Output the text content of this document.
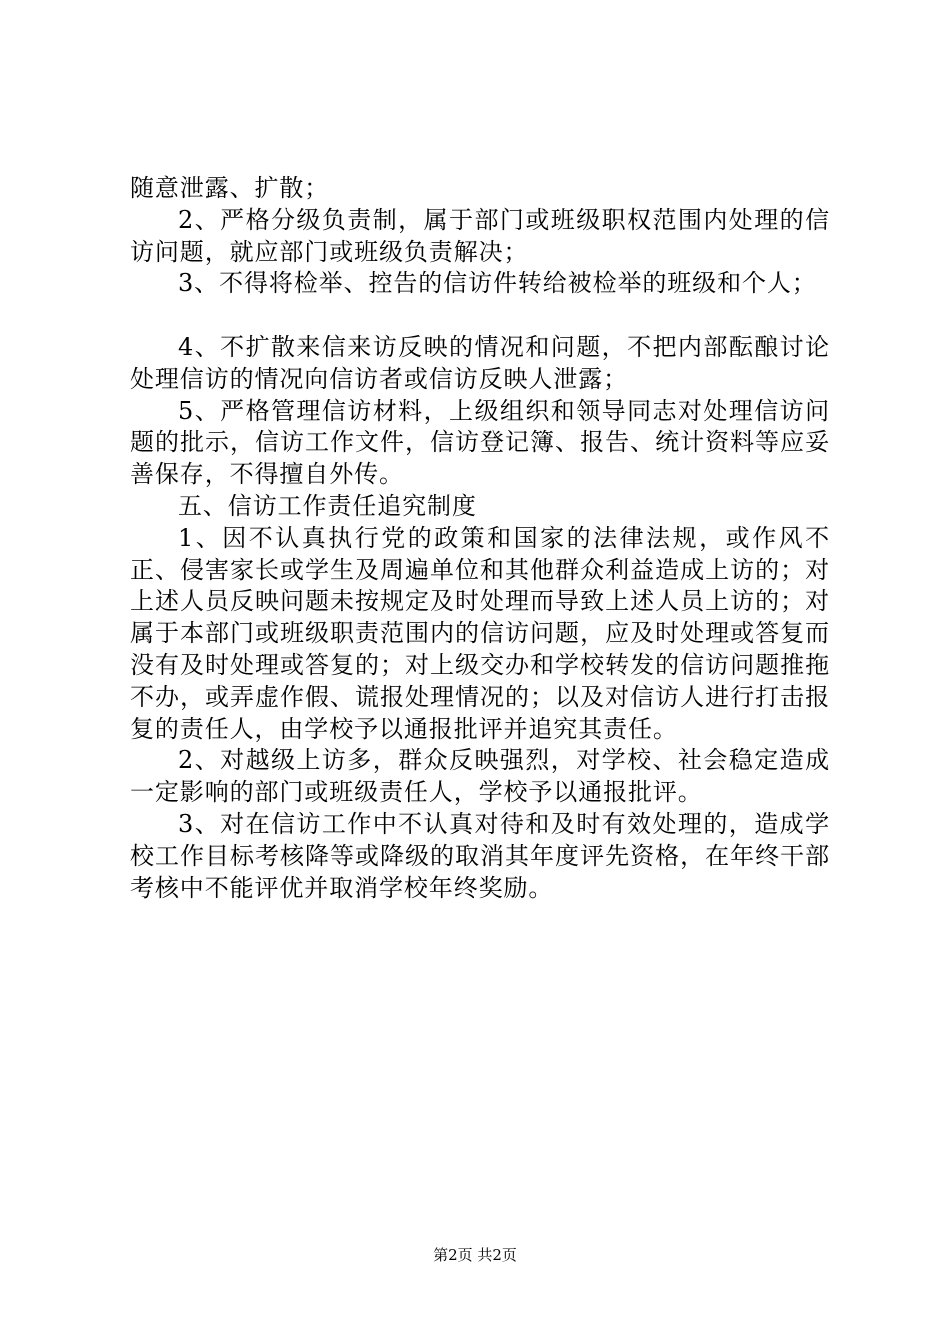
随意泄露、扩散；

2、严格分级负责制，属于部门或班级职权范围内处理的信访问题，就应部门或班级负责解决；

3、不得将检举、控告的信访件转给被检举的班级和个人；

4、不扩散来信来访反映的情况和问题，不把内部酝酿讨论处理信访的情况向信访者或信访反映人泄露；

5、严格管理信访材料，上级组织和领导同志对处理信访问题的批示，信访工作文件，信访登记簿、报告、统计资料等应妥善保存，不得擅自外传。

五、信访工作责任追究制度

1、因不认真执行党的政策和国家的法律法规，或作风不正、侵害家长或学生及周遍单位和其他群众利益造成上访的；对上述人员反映问题未按规定及时处理而导致上述人员上访的；对属于本部门或班级职责范围内的信访问题，应及时处理或答复而没有及时处理或答复的；对上级交办和学校转发的信访问题推拖不办，或弄虚作假、谎报处理情况的；以及对信访人进行打击报复的责任人，由学校予以通报批评并追究其责任。

2、对越级上访多，群众反映强烈，对学校、社会稳定造成一定影响的部门或班级责任人，学校予以通报批评。

3、对在信访工作中不认真对待和及时有效处理的，造成学校工作目标考核降等或降级的取消其年度评先资格，在年终干部考核中不能评优并取消学校年终奖励。

第2页 共2页
